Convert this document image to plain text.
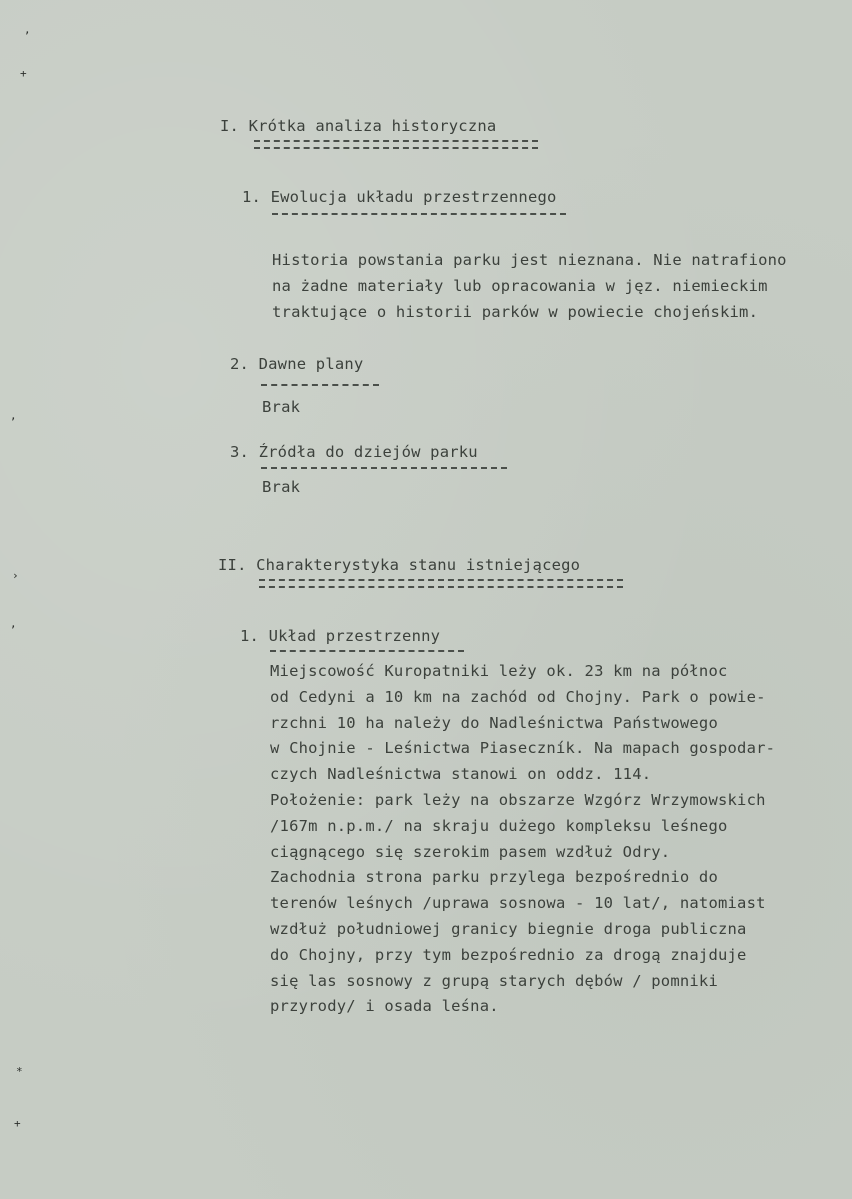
,
+
,
›
,
*
+
I. Krótka analiza historyczna
1. Ewolucja układu przestrzennego
Historia powstania parku jest nieznana. Nie natrafiono
na żadne materiały lub opracowania w jęz. niemieckim
traktujące o historii parków w powiecie chojeńskim.
2. Dawne plany
Brak
3. Źródła do dziejów parku
Brak
II. Charakterystyka stanu istniejącego
1. Układ przestrzenny
Miejscowość Kuropatniki leży ok. 23 km na północ
od Cedyni a 10 km na zachód od Chojny. Park o powie-
rzchni 10 ha należy do Nadleśnictwa Państwowego
w Chojnie - Leśnictwa Piaseczník. Na mapach gospodar-
czych Nadleśnictwa stanowi on oddz. 114.
Położenie: park leży na obszarze Wzgórz Wrzymowskich
/167m n.p.m./ na skraju dużego kompleksu leśnego
ciągnącego się szerokim pasem wzdłuż Odry.
Zachodnia strona parku przylega bezpośrednio do
terenów leśnych /uprawa sosnowa - 10 lat/, natomiast
wzdłuż południowej granicy biegnie droga publiczna
do Chojny, przy tym bezpośrednio za drogą znajduje
się las sosnowy z grupą starych dębów / pomniki
przyrody/ i osada leśna.
